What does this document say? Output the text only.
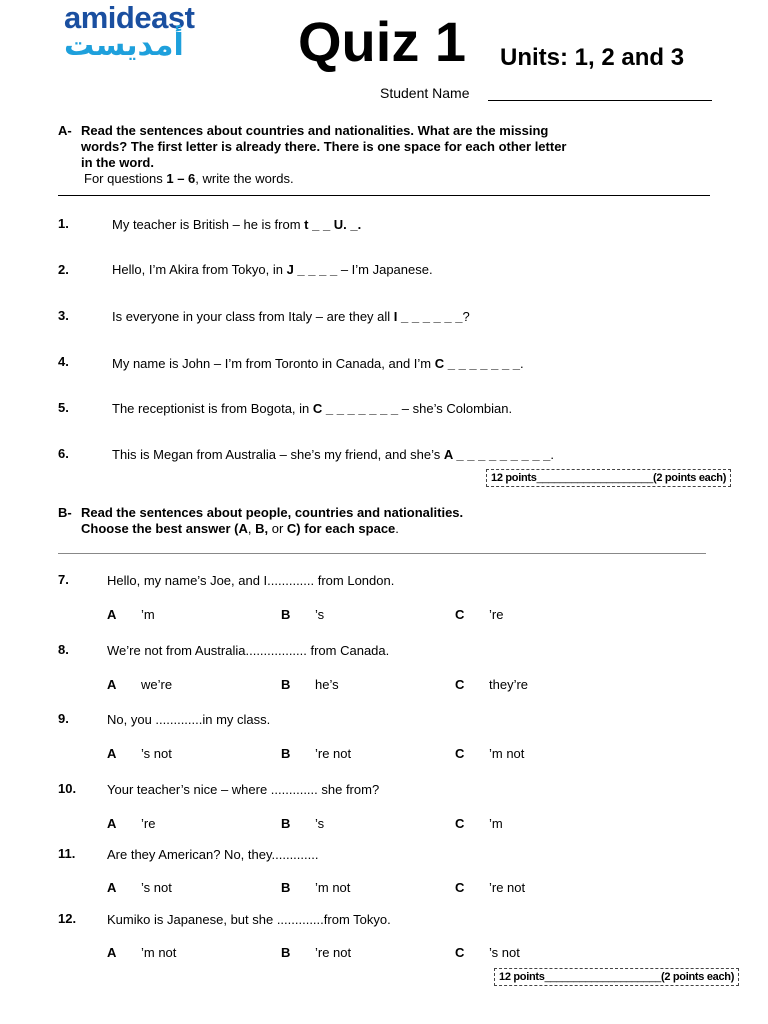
amideast
أمديست Quiz 1 Units: 1, 2 and 3
Student Name
A- Read the sentences about countries and nationalities. What are the missing
words? The first letter is already there. There is one space for each other letter
in the word.
For questions 1 – 6, write the words.
1.	My teacher is British – he is from t _ _ U. _.
2.	Hello, I’m Akira from Tokyo, in J _ _ _ _ – I’m Japanese.
3.	Is everyone in your class from Italy – are they all I _ _ _ _ _ _?
4.	My name is John – I’m from Toronto in Canada, and I’m C _ _ _ _ _ _ _.
5.	The receptionist is from Bogota, in C _ _ _ _ _ _ _ – she’s Colombian.
6.	This is Megan from Australia – she’s my friend, and she’s A _ _ _ _ _ _ _ _ _.
12 points____________________(2 points each)
B- Read the sentences about people, countries and nationalities.
Choose the best answer (A, B, or C) for each space.
7.	Hello, my name’s Joe, and I............. from London.
A ’m	B ’s	C ’re
8.	We’re not from Australia................. from Canada.
A we’re	B he’s	C they’re
9.	No, you .............in my class.
A ’s not	B ’re not	C ’m not
10. Your teacher’s nice – where ............. she from?
A ’re	B ’s	C ’m
11. Are they American? No, they.............
A ’s not	B ’m not	C ’re not
12. Kumiko is Japanese, but she .............from Tokyo.
A ’m not	B ’re not	C ’s not
12 points____________________(2 points each)
